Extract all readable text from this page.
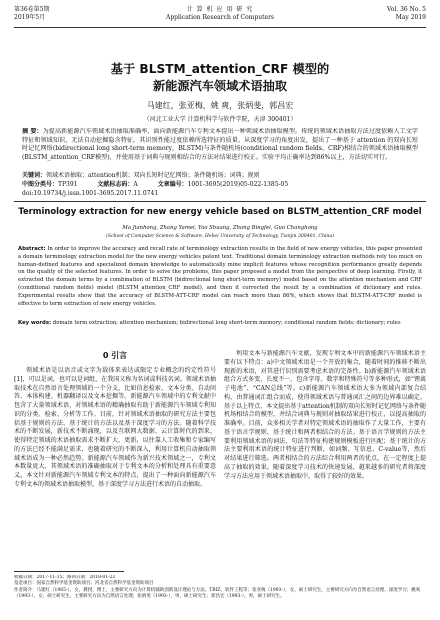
第36卷第5期
2019年5月
计 算 机 应 用 研 究
Application Research of Computers
Vol. 36 No. 5
May 2019
基于 BLSTM_attention_CRF 模型的
新能源汽车领域术语抽取
马建红，张亚梅，姚 爽，张炳斐，郭昌宏
（河北工业大学 计算机科学与软件学院，天津 300401）
摘 要：为提高新能源汽车领域术语抽取准确率，面向新能源汽车专利文本提出一种领域术语抽取模型。传统的领域术语抽取方法过度依赖人工文字特征和领域知识，无法自动挖掘隐含特征，其识别性能过度依赖所选特征的质量。从深度学习的角度出发，提出了一种基于 attention 的双向长短时记忆网络(bidirectional long short-term memory，BLSTM)与条件随机场(conditional random fields，CRF)相结合的领域术语抽取模型(BLSTM_attention_CRF模型)，并使用基于词典与规则相结合的方法对结果进行校正。实验平均正确率达到86%以上，方法切实可行。
关键词：领域术语抽取；attention机制；双向长短时记忆网络；条件随机场；词典；规则
中图分类号：TP391	文献标志码：A	文章编号：1001-3695(2019)05-022-1385-05
doi:10.19734/j.issn.1001-3695.2017.11.0741
Terminology extraction for new energy vehicle based on BLSTM_attention_CRF model
Ma Jianhong, Zhang Yamei, Yao Shuang, Zhang Bingfei, Guo Changhong
(School of Computer Science & Software, Hebei University of Technology, Tianjin 300401, China)
Abstract: In order to improve the accuracy and recall rate of terminology extraction results in the field of new energy vehicles, this paper presented a domain terminology extraction model for the new energy vehicles patent text. Traditional domain terminology extraction methods rely too much on human-defined features and specialized domain knowledge to automatically mine implicit features whose recognition performance greatly depends on the quality of the selected features. In order to solve the problems, this paper proposed a model from the perspective of deep learning. Firstly, it extracted the domain terms by a combination of BLSTM (bidirectional long short-term memory) model based on the attention mechanism and CRF (conditional random fields) model (BLSTM_attention_CRF model), and then it corrected the result by a combination of dictionary and rules. Experimental results show that the accuracy of BLSTM-ATT-CRF model can reach more than 86%, which shows that BLSTM-ATT-CRF model is effective to term extraction of new energy vehicles.
Key words: domain term extraction; attention mechanism; bidirectional long short-term memory; conditional random fields; dictionary; rules
0 引言
领域术语是以语音或文字为载体来表达或限定专业概念的约定性符号[1]，可以是词，也可以是词组，在我国又称为名词或科技名词。领域术语抽取技术在自然语言处理领域的一个分支，比如信息检索、文本分类、自动问答、本体构建、机器翻译以及文本挖掘等。新能源汽车领域中的专利文献中包含了大量领域术语，对领域术语的精确抽取有助于新能源汽车领域专利知识的分类、检索、分析等工作。目前，针对领域术语抽取的研究方法主要包括基于规则的方法、基于统计的方法以及基于深度学习的方法。随着科学技术的不断发展，新技术不断涌现，以及互联网大数据、云计算时代的到来，使得特定领域的术语抽取需求不断扩大，更新，以往靠人工收集和专家编写的方法已经不能满足需求，也随着研究的不断深入，利用计算机自动抽取领域术语成为一种必然趋势。新能源汽车领域作为新兴技术领域之一，专利文本数量庞大，其领域术语的准确抽取对于专利文本的分析和处理具有重要意义。本文针对新能源汽车领域专利文本的特点，提出了一种面向新能源汽车专利文本的领域术语抽取模型，基于深度学习方法进行术语的自动抽取。
利用文本与新能源汽车文献，发现专利文本中的新能源汽车领域术语主要有以下特点：a)中文领域术语是一个开放的集合，随着时间的推移不断出现新的术语，对其进行识别需要考虑术语的完备性。b)新能源汽车领域术语组合方式多变，长度不一，包含字母、数字和特殊符号等多种形式，如“锂离子电池”、“CAN总线”等。c)新能源汽车领域术语大多为领域内部复合结构，由普通词汇组合而成，使得领域术语与普通词汇之间的边界难以确定。基于以上特点，本文提出基于attention机制的双向长短时记忆网络与条件随机场相结合的模型，并结合词典与规则对抽取结果进行校正，以提高抽取的准确率。目前，众多相关学者对特定领域术语的抽取作了大量工作，主要有基于语言学规则、基于统计和两者相结合的方法。基于语言学规则的方法主要利用领域术语的词法、句法等特征构建规则模板进行匹配；基于统计的方法主要利用术语的统计特征进行判断，如词频、互信息、C-value等，然后对结果进行筛选。两者相结合的方法综合利用两者的优点，在一定程度上提高了抽取的效果。随着深度学习技术的快速发展，越来越多的研究者将深度学习方法应用于领域术语抽取中，取得了较好的效果。
收稿日期：2017-11-15；修回日期：2018-01-22
基金项目：国家自然科学基金资助项目；河北省自然科学基金资助项目
作者简介：马建红（1965-），女，教授，博士，主要研究方向为计算机辅助创新设计理论与方法、TRIZ、软件工程等；张亚梅（1993-），女，硕士研究生，主要研究方向为自然语言处理、深度学习；姚爽（1993-），女，硕士研究生，主要研究方向为自然语言处理；张炳斐（1993-），男，硕士研究生；郭昌宏（1993-），男，硕士研究生。
